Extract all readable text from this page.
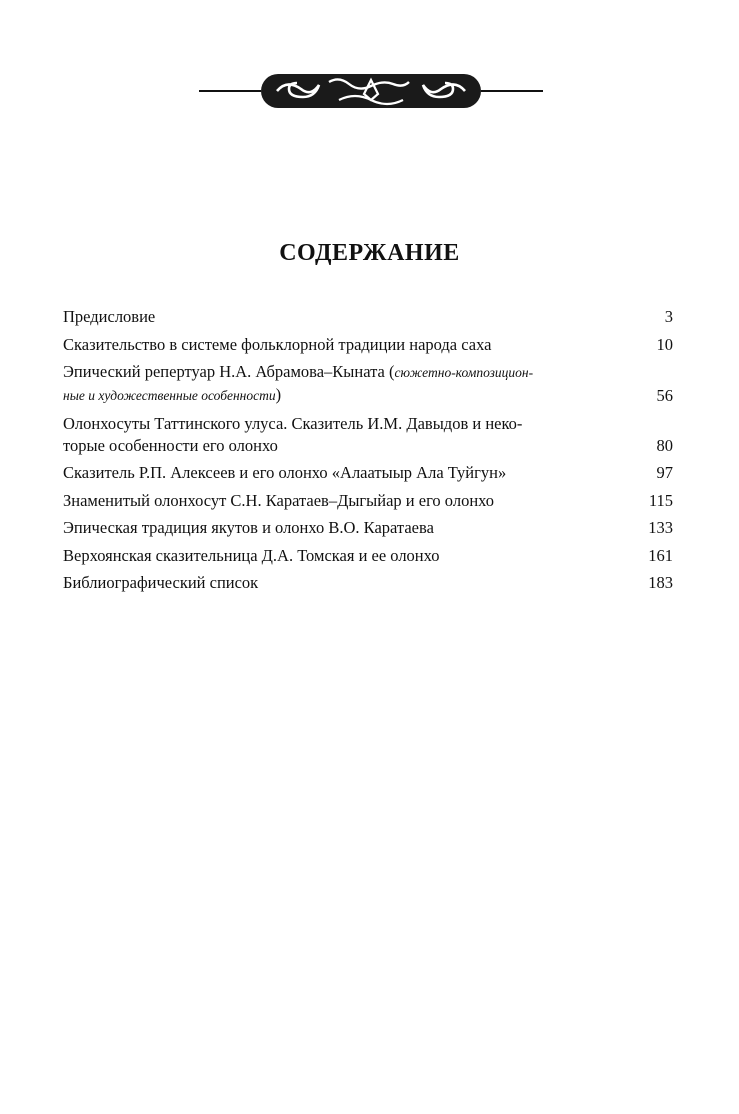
СОДЕРЖАНИЕ
Предисловие	3
Сказительство в системе фольклорной традиции народа саха	10
Эпический репертуар Н.А. Абрамова–Кыната (сюжетно-композицион-
ные и художественные особенности)	56
Олонхосуты Таттинского улуса. Сказитель И.М. Давыдов и неко-
торые особенности его олонхо	80
Сказитель Р.П. Алексеев и его олонхо «Алаатыыр Ала Туйгун»	97
Знаменитый олонхосут С.Н. Каратаев–Дыгыйар и его олонхо	115
Эпическая традиция якутов и олонхо В.О. Каратаева	133
Верхоянская сказительница Д.А. Томская и ее олонхо	161
Библиографический список	183
